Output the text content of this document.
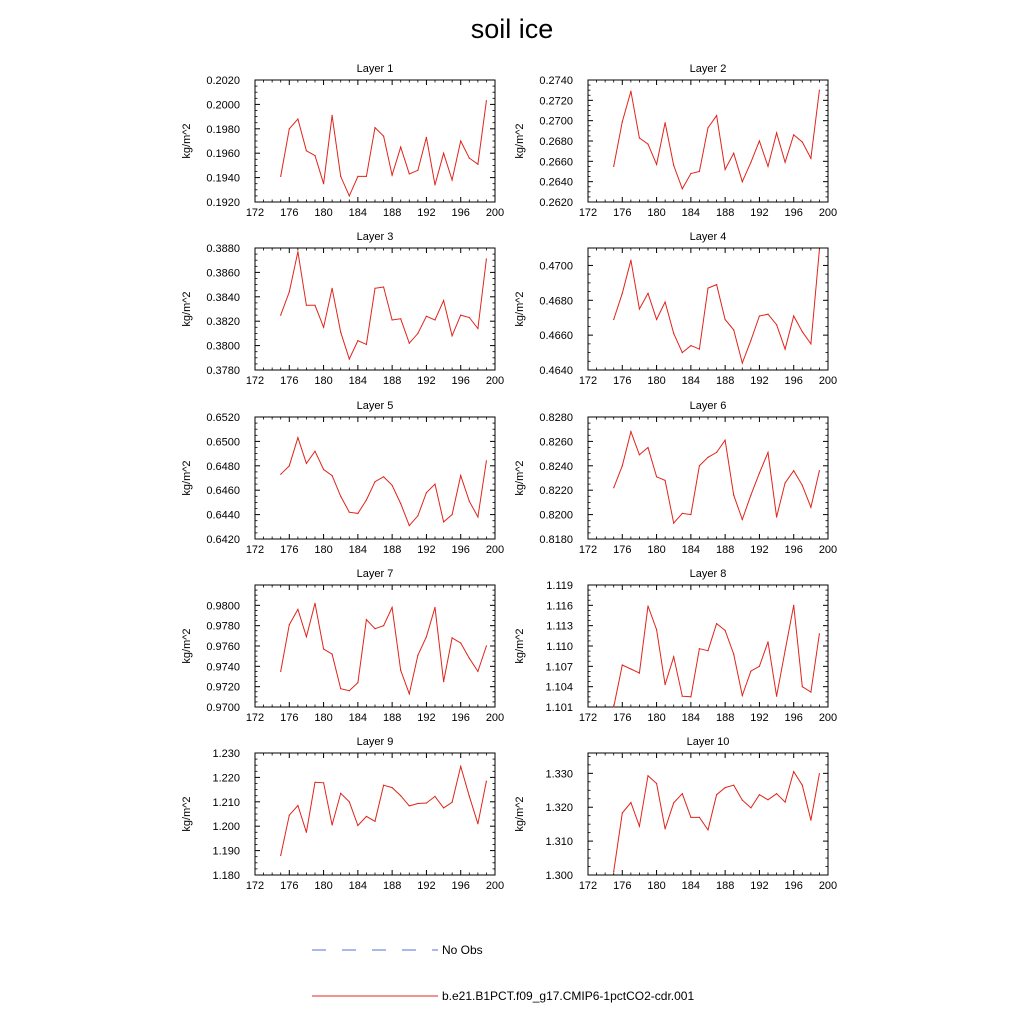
soil ice
Layer 1
kg/m^2
172 176 180 184 188 192 196 200
0.1920
0.1940
0.1960
0.1980
0.2000
0.2020
Layer 2
kg/m^2
172 176 180 184 188 192 196 200
0.2620
0.2640
0.2660
0.2680
0.2700
0.2720
0.2740
Layer 3
kg/m^2
172 176 180 184 188 192 196 200
0.3780
0.3800
0.3820
0.3840
0.3860
0.3880
Layer 4
kg/m^2
172 176 180 184 188 192 196 200
0.4640
0.4660
0.4680
0.4700
Layer 5
kg/m^2
172 176 180 184 188 192 196 200
0.6420
0.6440
0.6460
0.6480
0.6500
0.6520
Layer 6
kg/m^2
172 176 180 184 188 192 196 200
0.8180
0.8200
0.8220
0.8240
0.8260
0.8280
Layer 7
kg/m^2
172 176 180 184 188 192 196 200
0.9700
0.9720
0.9740
0.9760
0.9780
0.9800
Layer 8
kg/m^2
172 176 180 184 188 192 196 200
1.101
1.104
1.107
1.110
1.113
1.116
1.119
Layer 9
kg/m^2
172 176 180 184 188 192 196 200
1.180
1.190
1.200
1.210
1.220
1.230
Layer 10
kg/m^2
172 176 180 184 188 192 196 200
1.300
1.310
1.320
1.330
No Obs
b.e21.B1PCT.f09_g17.CMIP6-1pctCO2-cdr.001
